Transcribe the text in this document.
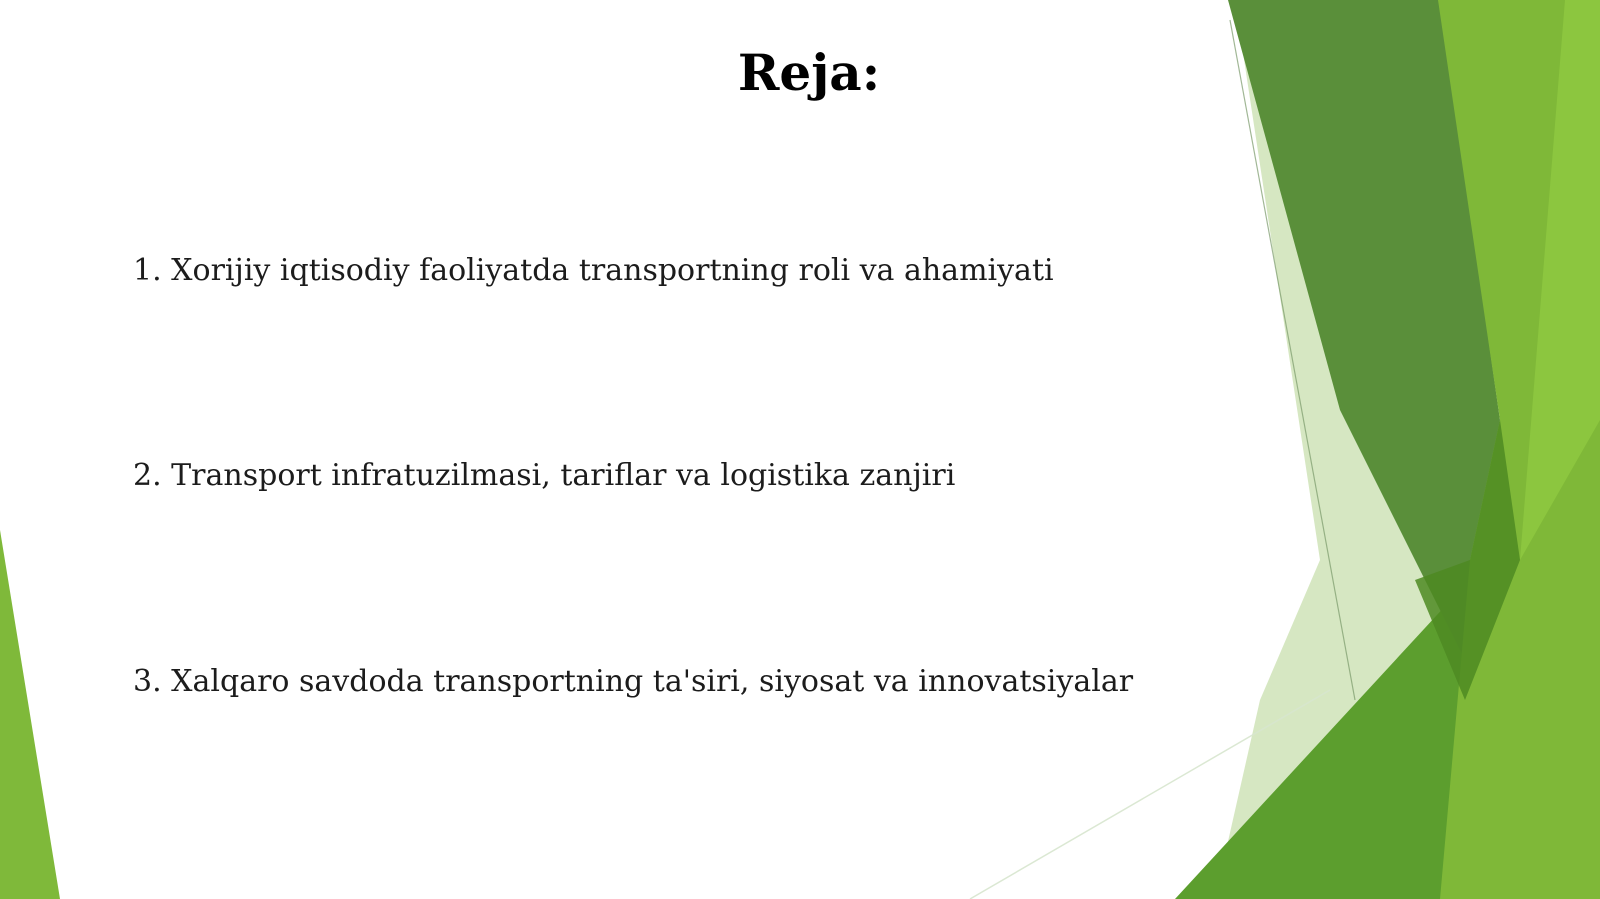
Reja:

1. Xorijiy iqtisodiy faoliyatda transportning roli va ahamiyati

2. Transport infratuzilmasi, tariflar va logistika zanjiri

3. Xalqaro savdoda transportning ta'siri, siyosat va innovatsiyalar
